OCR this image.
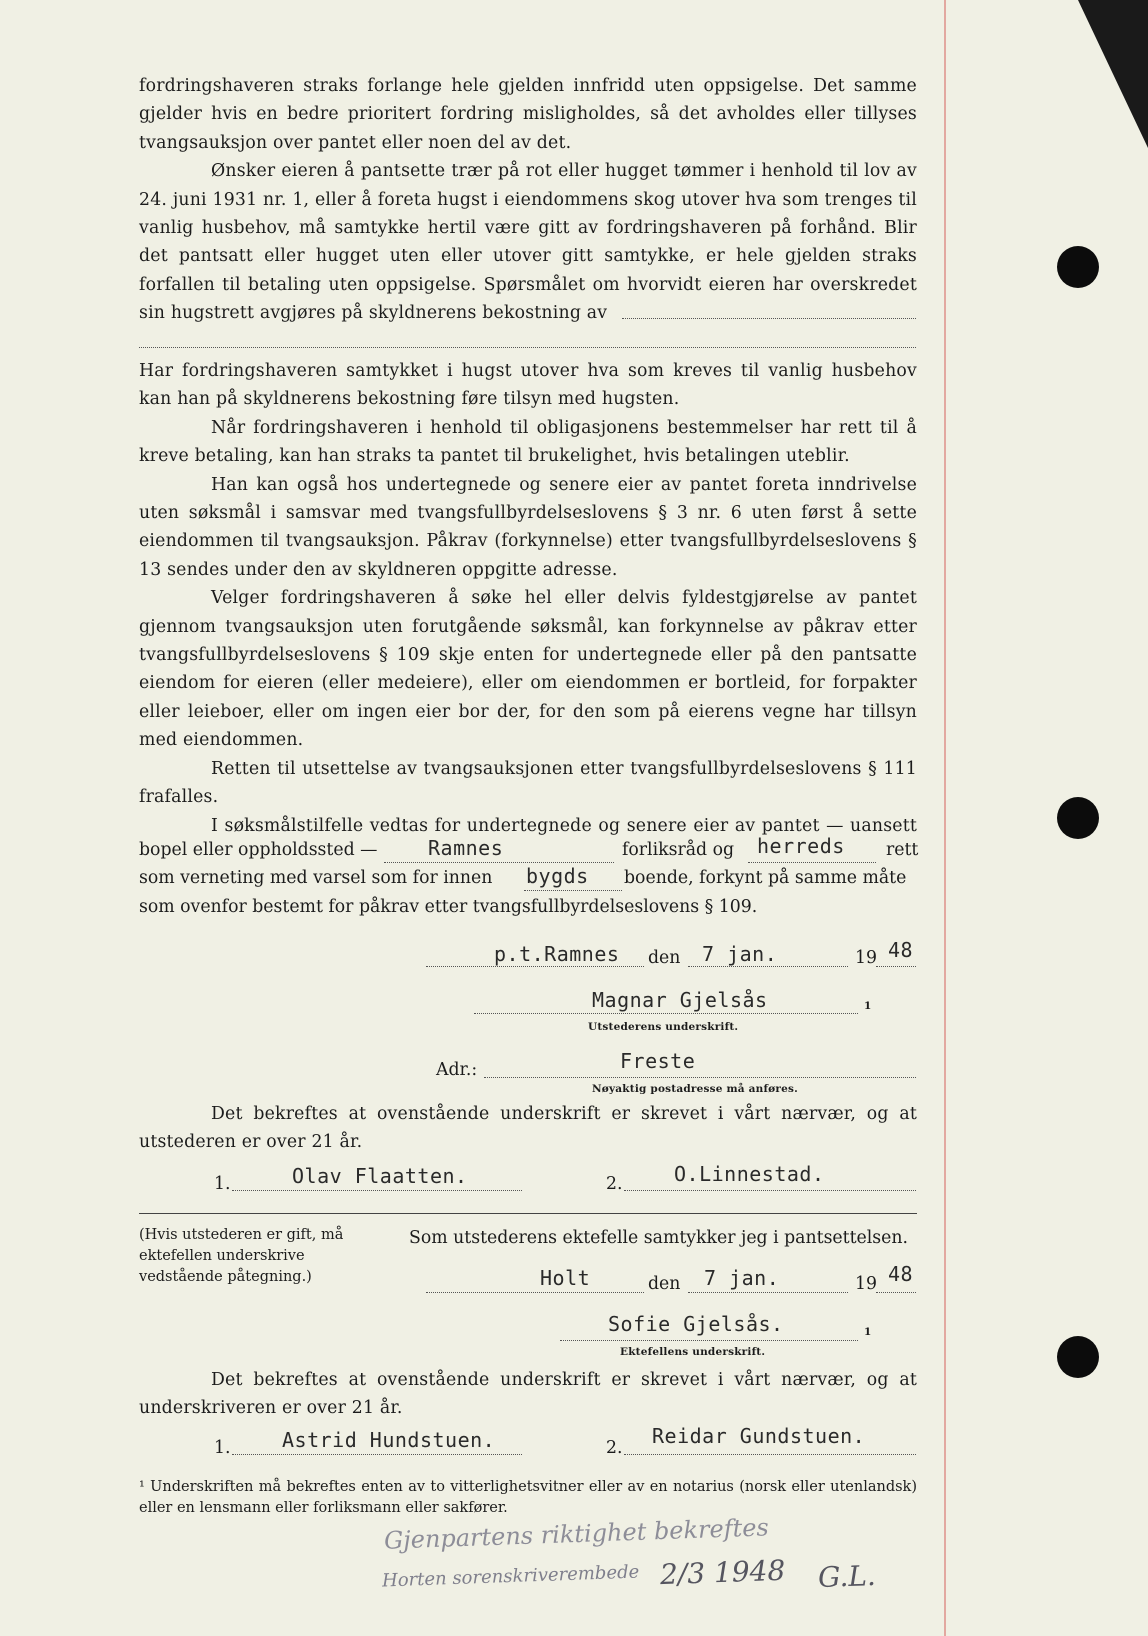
fordringshaveren straks forlange hele gjelden innfridd uten oppsigelse. Det samme gjelder hvis en bedre prioritert fordring misligholdes, så det avholdes eller tillyses tvangsauksjon over pantet eller noen del av det.

Ønsker eieren å pantsette trær på rot eller hugget tømmer i henhold til lov av 24. juni 1931 nr. 1, eller å foreta hugst i eiendommens skog utover hva som trenges til vanlig husbehov, må samtykke hertil være gitt av fordringshaveren på forhånd. Blir det pantsatt eller hugget uten eller utover gitt samtykke, er hele gjelden straks forfallen til betaling uten oppsigelse. Spørsmålet om hvorvidt eieren har overskredet sin hugstrett avgjøres på skyldnerens bekostning av

Har fordringshaveren samtykket i hugst utover hva som kreves til vanlig husbehov kan han på skyldnerens bekostning føre tilsyn med hugsten.

Når fordringshaveren i henhold til obligasjonens bestemmelser har rett til å kreve betaling, kan han straks ta pantet til brukelighet, hvis betalingen uteblir.

Han kan også hos undertegnede og senere eier av pantet foreta inndrivelse uten søksmål i samsvar med tvangsfullbyrdelseslovens § 3 nr. 6 uten først å sette eiendommen til tvangsauksjon. Påkrav (forkynnelse) etter tvangsfullbyrdelseslovens § 13 sendes under den av skyldneren oppgitte adresse.

Velger fordringshaveren å søke hel eller delvis fyldestgjørelse av pantet gjennom tvangsauksjon uten forutgående søksmål, kan forkynnelse av påkrav etter tvangsfullbyrdelseslovens § 109 skje enten for undertegnede eller på den pantsatte eiendom for eieren (eller medeiere), eller om eiendommen er bortleid, for forpakter eller leieboer, eller om ingen eier bor der, for den som på eierens vegne har tillsyn med eiendommen.

Retten til utsettelse av tvangsauksjonen etter tvangsfullbyrdelseslovens § 111 frafalles.

I søksmålstilfelle vedtas for undertegnede og senere eier av pantet — uansett

bopel eller oppholdssted —	Ramnes	forliksråd og herreds rett
som verneting med varsel som for innen bygds boende, forkynt på samme måte
som ovenfor bestemt for påkrav etter tvangsfullbyrdelseslovens § 109.
p.t.Ramnes den 7 jan.	19 48
Magnar Gjelsås	1
Utstederens underskrift.
Adr.:	Freste
Nøyaktig postadresse må anføres.

Det bekreftes at ovenstående underskrift er skrevet i vårt nærvær, og at utstederen er over 21 år.

1.	Olav Flaatten.	2.	O.Linnestad.
(Hvis utstederen er gift, må ektefellen underskrive vedstående påtegning.)
Som utstederens ektefelle samtykker jeg i pantsettelsen.
Holt	den 7 jan.	19 48
Sofie Gjelsås.	1
Ektefellens underskrift.

Det bekreftes at ovenstående underskrift er skrevet i vårt nærvær, og at underskriveren er over 21 år.

1.	Astrid Hundstuen.	2. Reidar Gundstuen.
¹ Underskriften må bekreftes enten av to vitterlighetsvitner eller av en notarius (norsk eller utenlandsk) eller en lensmann eller forliksmann eller sakfører.
Gjenpartens riktighet bekreftes
Horten sorenskriverembede 2/3 1948 G.L.
